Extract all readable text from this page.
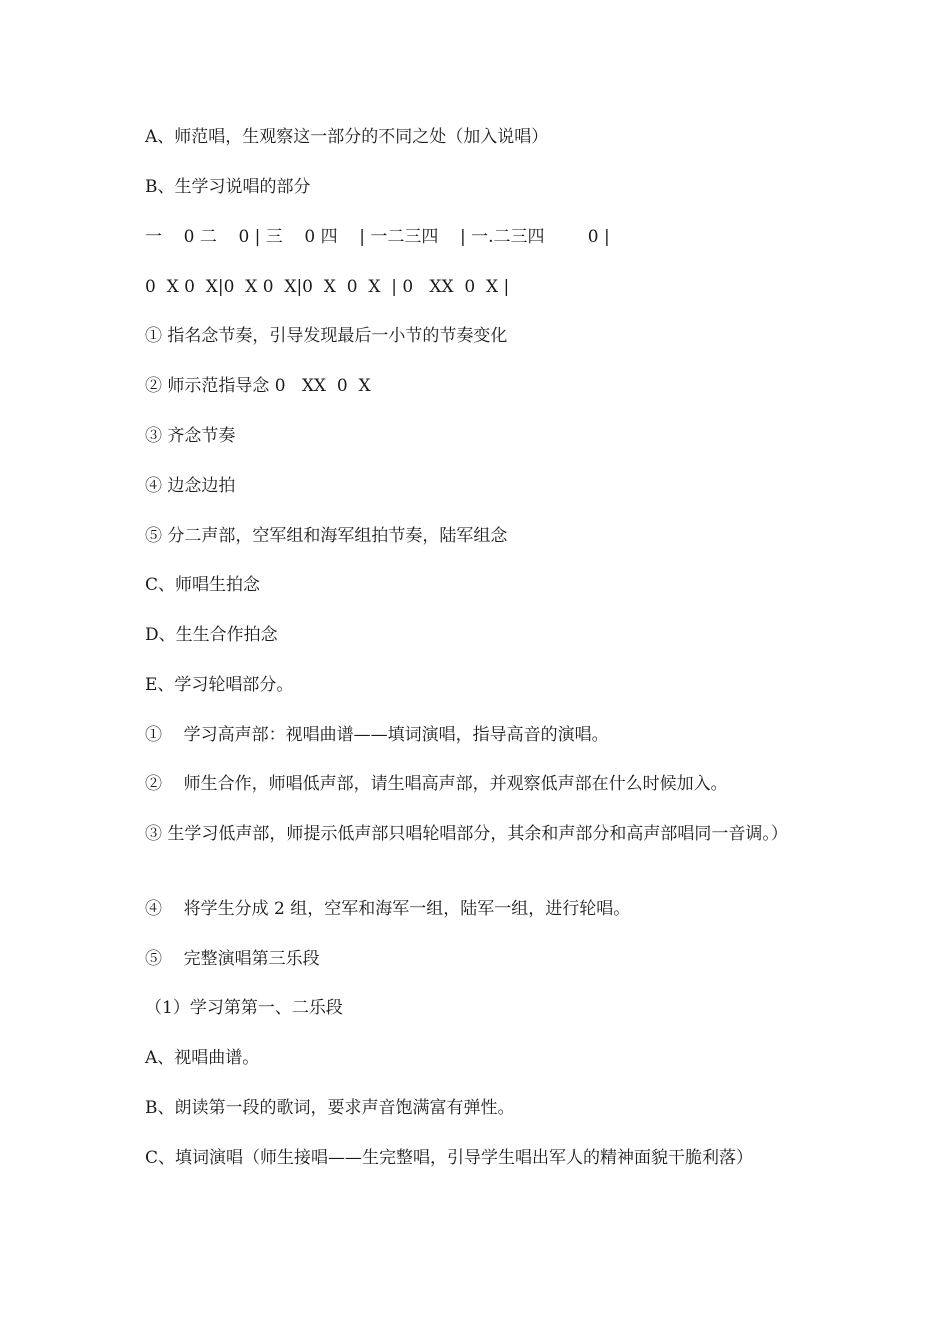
A、师范唱，生观察这一部分的不同之处（加入说唱）
B、生学习说唱的部分
一    0 二    0 | 三    0 四    | 一二三四    | 一.二三四        0 |
0  X 0  X|0  X 0  X|0  X  0  X  | 0   XX  0  X |
① 指名念节奏，引导发现最后一小节的节奏变化
② 师示范指导念 0   XX  0  X
③ 齐念节奏
④ 边念边拍
⑤ 分二声部，空军组和海军组拍节奏，陆军组念
C、师唱生拍念
D、生生合作拍念
E、学习轮唱部分。
①    学习高声部：视唱曲谱——填词演唱，指导高音的演唱。
②    师生合作，师唱低声部，请生唱高声部，并观察低声部在什么时候加入。
③ 生学习低声部，师提示低声部只唱轮唱部分，其余和声部分和高声部唱同一音调。）
④    将学生分成 2 组，空军和海军一组，陆军一组，进行轮唱。
⑤    完整演唱第三乐段
（1）学习第第一、二乐段
A、视唱曲谱。
B、朗读第一段的歌词，要求声音饱满富有弹性。
C、填词演唱（师生接唱——生完整唱，引导学生唱出军人的精神面貌干脆利落）
